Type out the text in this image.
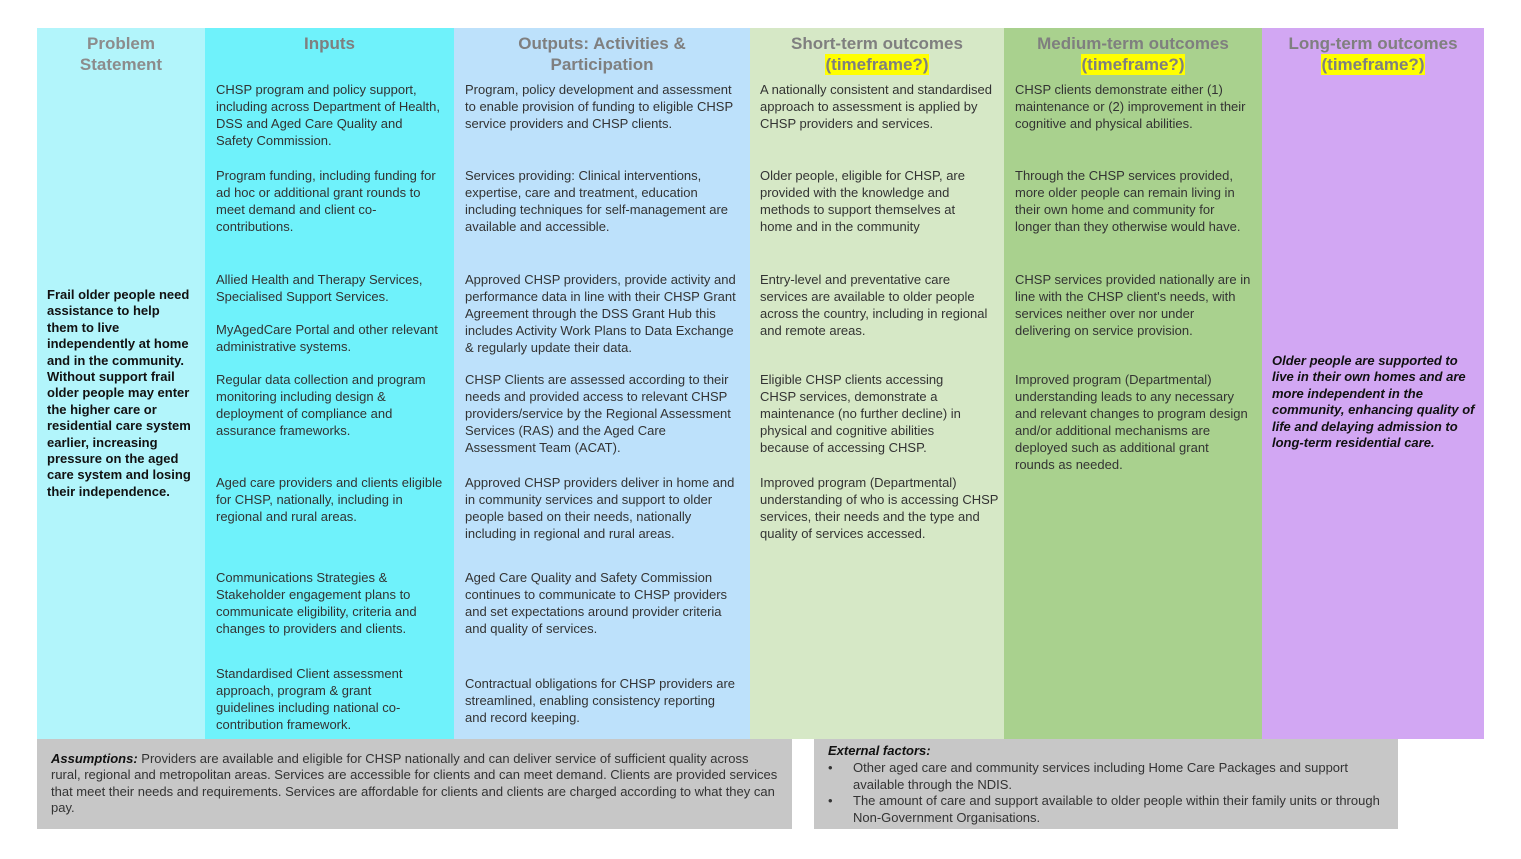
Problem Statement
Frail older people need assistance to help them to live independently at home and in the community. Without support frail older people may enter the higher care or residential care system earlier, increasing pressure on the aged care system and losing their independence.
Inputs
CHSP program and policy support, including across Department of Health, DSS and Aged Care Quality and Safety Commission.
Program funding, including funding for ad hoc or additional grant rounds to meet demand and client co-contributions.
Allied Health and Therapy Services, Specialised Support Services.
MyAgedCare Portal and other relevant administrative systems.
Regular data collection and program monitoring including design & deployment of compliance and assurance frameworks.
Aged care providers and clients eligible for CHSP, nationally, including in regional and rural areas.
Communications Strategies & Stakeholder engagement plans to communicate eligibility, criteria and changes to providers and clients.
Standardised Client assessment approach, program & grant guidelines including national co-contribution framework.
Outputs: Activities & Participation
Program, policy development and assessment to enable provision of funding to eligible CHSP service providers and CHSP clients.
Services providing: Clinical interventions, expertise, care and treatment, education including techniques for self-management are available and accessible.
Approved CHSP providers, provide activity and performance data in line with their CHSP Grant Agreement through the DSS Grant Hub this includes Activity Work Plans to Data Exchange & regularly update their data.
CHSP Clients are assessed according to their needs and provided access to relevant CHSP providers/service by the Regional Assessment Services (RAS) and the Aged Care Assessment Team (ACAT).
Approved CHSP providers deliver in home and in community services and support to older people based on their needs, nationally including in regional and rural areas.
Aged Care Quality and Safety Commission continues to communicate to CHSP providers and set expectations around provider criteria and quality of services.
Contractual obligations for CHSP providers are streamlined, enabling consistency reporting and record keeping.
Short-term outcomes
(timeframe?)
A nationally consistent and standardised approach to assessment is applied by CHSP providers and services.
Older people, eligible for CHSP, are provided with the knowledge and methods to support themselves at home and in the community
Entry-level and preventative care services are available to older people across the country, including in regional and remote areas.
Eligible CHSP clients accessing CHSP services, demonstrate a maintenance (no further decline) in physical and cognitive abilities because of accessing CHSP.
Improved program (Departmental) understanding of who is accessing CHSP services, their needs and the type and quality of services accessed.
Medium-term outcomes
(timeframe?)
CHSP clients demonstrate either (1) maintenance or (2) improvement in their cognitive and physical abilities.
Through the CHSP services provided, more older people can remain living in their own home and community for longer than they otherwise would have.
CHSP services provided nationally are in line with the CHSP client's needs, with services neither over nor under delivering on service provision.
Improved program (Departmental) understanding leads to any necessary and relevant changes to program design and/or additional mechanisms are deployed such as additional grant rounds as needed.
Long-term outcomes
(timeframe?)
Older people are supported to live in their own homes and are more independent in the community, enhancing quality of life and delaying admission to long-term residential care.
Assumptions: Providers are available and eligible for CHSP nationally and can deliver service of sufficient quality across rural, regional and metropolitan areas. Services are accessible for clients and can meet demand. Clients are provided services that meet their needs and requirements. Services are affordable for clients and clients are charged according to what they can pay.
External factors:
• Other aged care and community services including Home Care Packages and support available through the NDIS.
• The amount of care and support available to older people within their family units or through Non-Government Organisations.
